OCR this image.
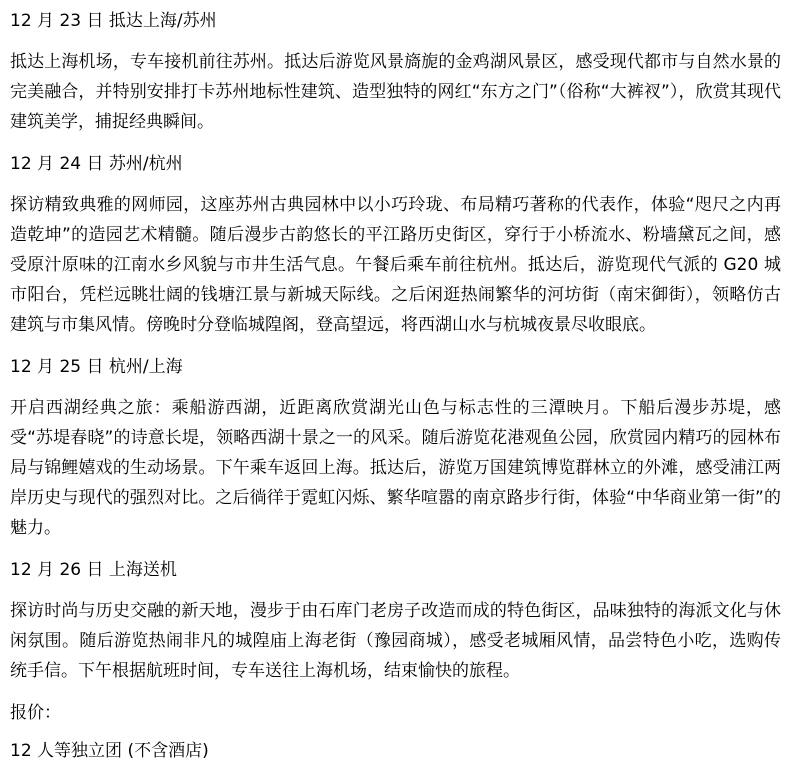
12 月 23 日 抵达上海/苏州
抵达上海机场，专车接机前往苏州。抵达后游览风景旖旎的金鸡湖风景区，感受现代都市与自然水景的完美融合，并特别安排打卡苏州地标性建筑、造型独特的网红“东方之门”（俗称“大裤衩”），欣赏其现代建筑美学，捕捉经典瞬间。
12 月 24 日 苏州/杭州
探访精致典雅的网师园，这座苏州古典园林中以小巧玲珑、布局精巧著称的代表作，体验“咫尺之内再造乾坤”的造园艺术精髓。随后漫步古韵悠长的平江路历史街区，穿行于小桥流水、粉墙黛瓦之间，感受原汁原味的江南水乡风貌与市井生活气息。午餐后乘车前往杭州。抵达后，游览现代气派的 G20 城市阳台，凭栏远眺壮阔的钱塘江景与新城天际线。之后闲逛热闹繁华的河坊街（南宋御街），领略仿古建筑与市集风情。傍晚时分登临城隍阁，登高望远，将西湖山水与杭城夜景尽收眼底。
12 月 25 日 杭州/上海
开启西湖经典之旅：乘船游西湖，近距离欣赏湖光山色与标志性的三潭映月。下船后漫步苏堤，感受“苏堤春晓”的诗意长堤，领略西湖十景之一的风采。随后游览花港观鱼公园，欣赏园内精巧的园林布局与锦鲤嬉戏的生动场景。下午乘车返回上海。抵达后，游览万国建筑博览群林立的外滩，感受浦江两岸历史与现代的强烈对比。之后徜徉于霓虹闪烁、繁华喧嚣的南京路步行街，体验“中华商业第一街”的魅力。
12 月 26 日 上海送机
探访时尚与历史交融的新天地，漫步于由石库门老房子改造而成的特色街区，品味独特的海派文化与休闲氛围。随后游览热闹非凡的城隍庙上海老街（豫园商城），感受老城厢风情，品尝特色小吃，选购传统手信。下午根据航班时间，专车送往上海机场，结束愉快的旅程。
报价：
12 人等独立团 (不含酒店)
